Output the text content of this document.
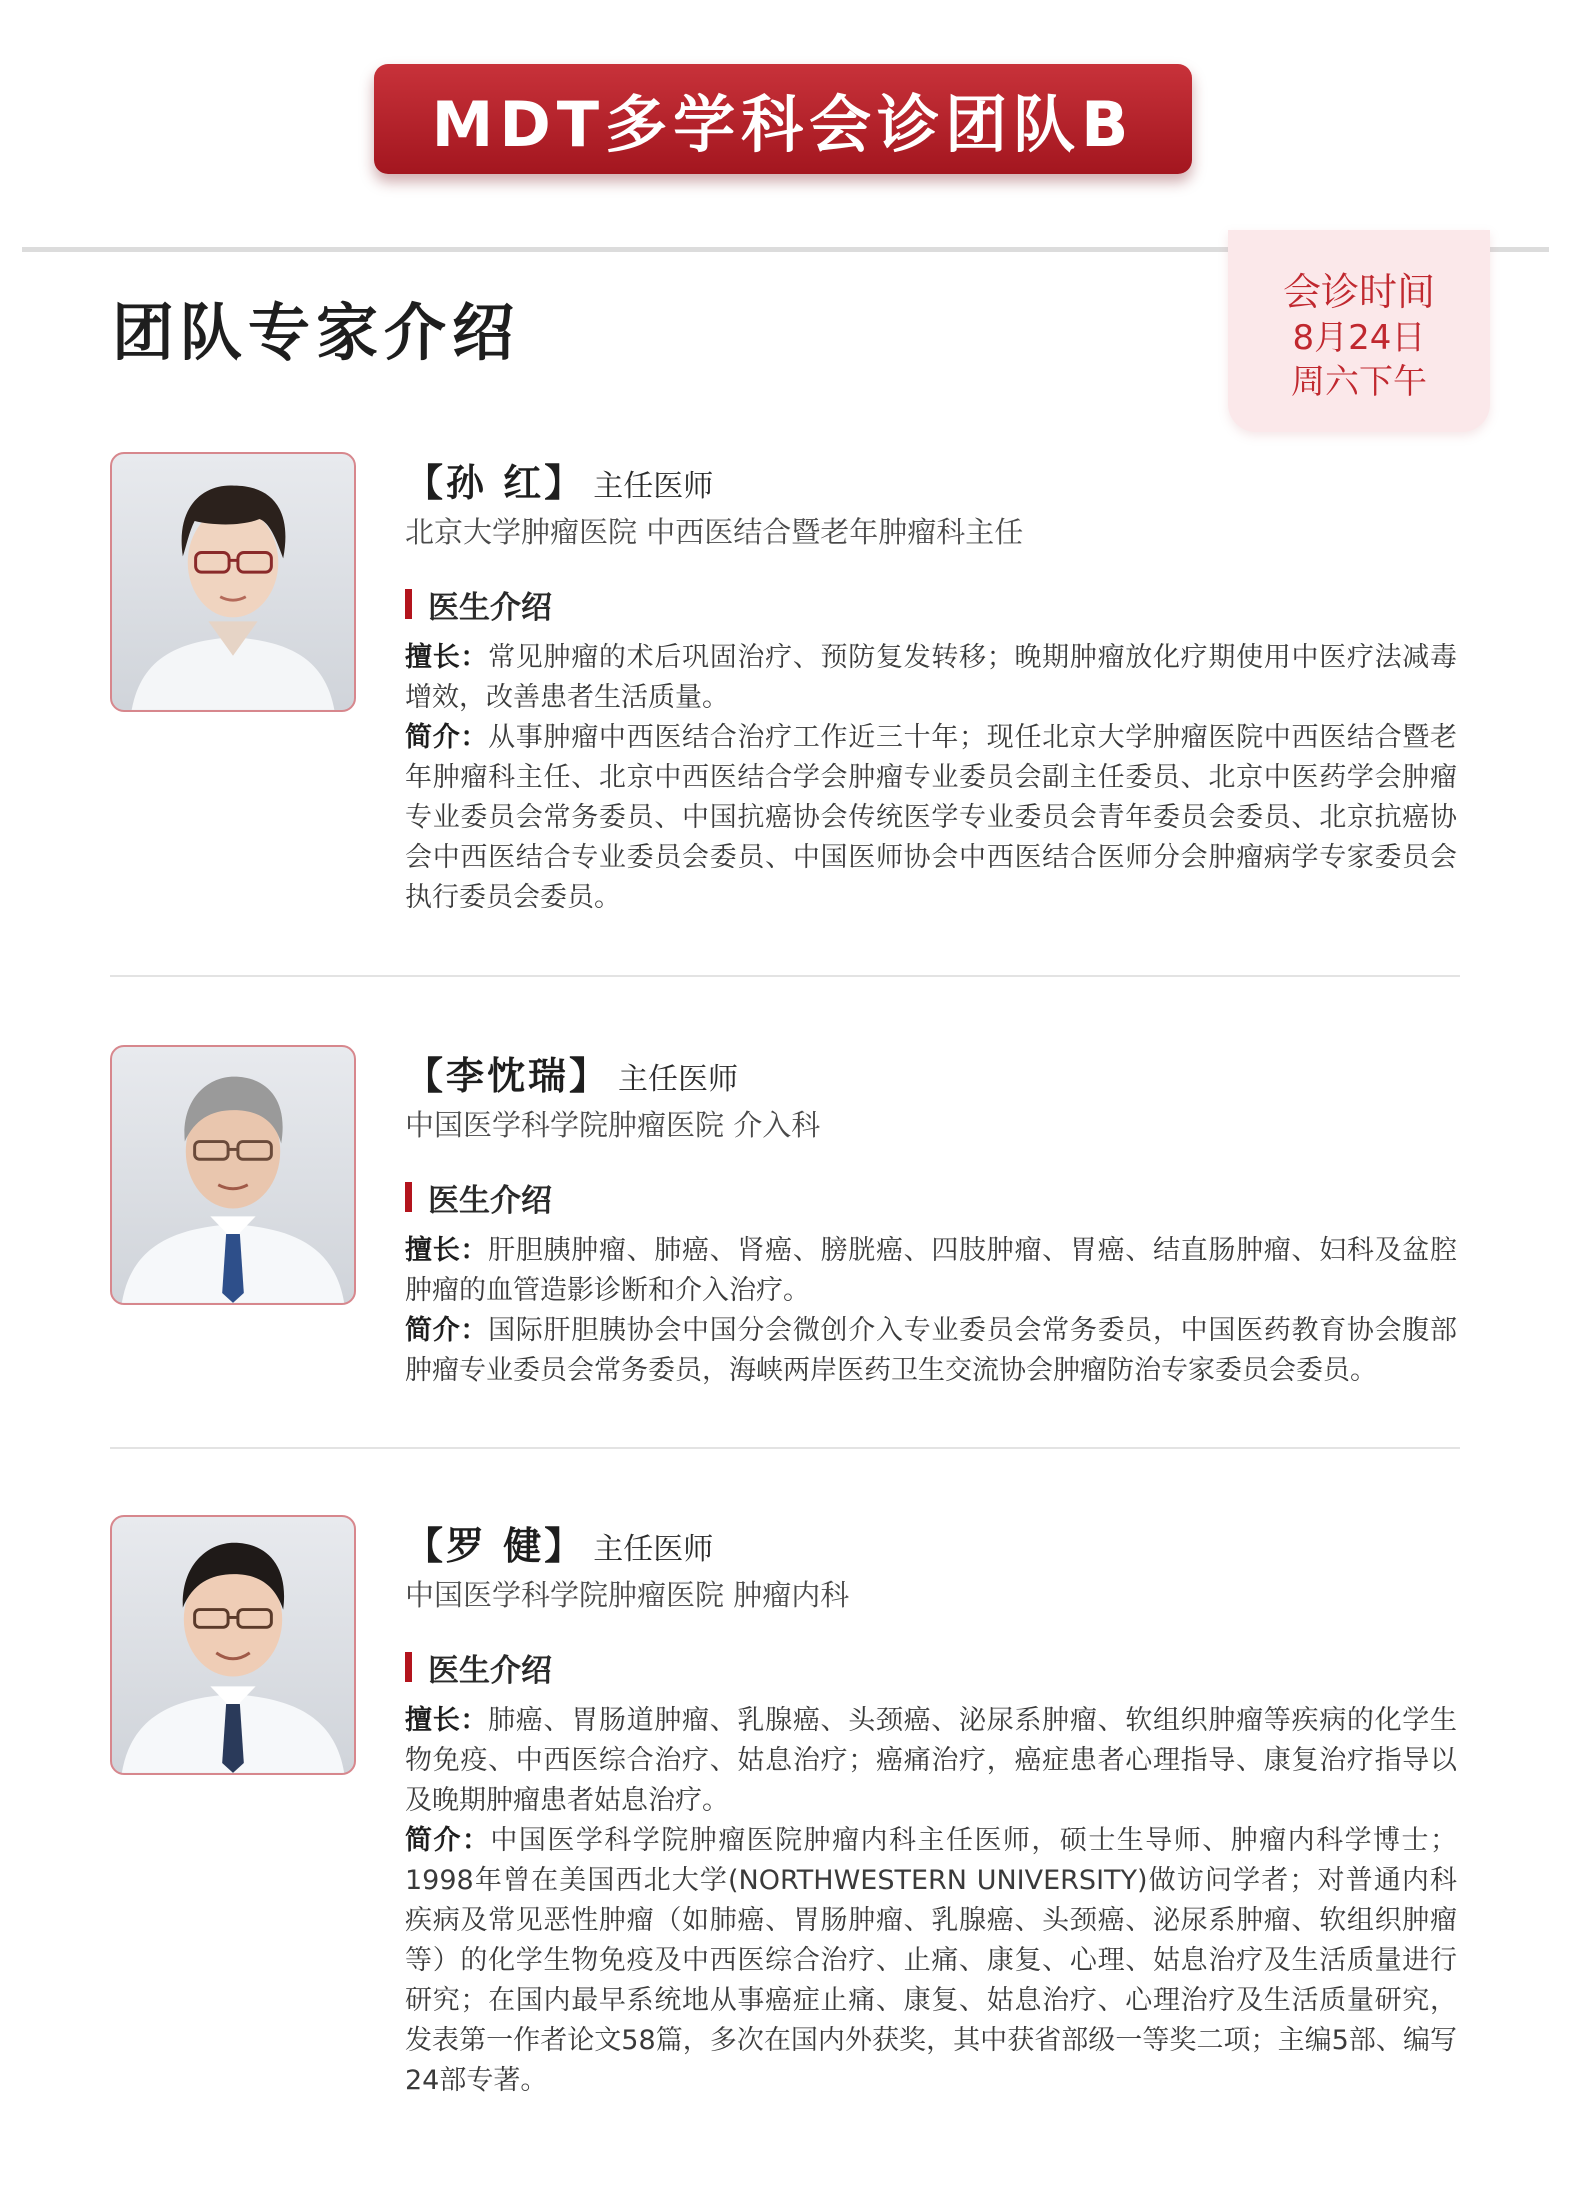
MDT多学科会诊团队B
团队专家介绍
会诊时间
8月24日
周六下午
【孙 红】 主任医师
北京大学肿瘤医院 中西医结合暨老年肿瘤科主任
医生介绍

擅长：常见肿瘤的术后巩固治疗、预防复发转移；晚期肿瘤放化疗期使用中医疗法减毒增效，改善患者生活质量。

简介：从事肿瘤中西医结合治疗工作近三十年；现任北京大学肿瘤医院中西医结合暨老年肿瘤科主任、北京中西医结合学会肿瘤专业委员会副主任委员、北京中医药学会肿瘤专业委员会常务委员、中国抗癌协会传统医学专业委员会青年委员会委员、北京抗癌协会中西医结合专业委员会委员、中国医师协会中西医结合医师分会肿瘤病学专家委员会执行委员会委员。

【李忱瑞】 主任医师
中国医学科学院肿瘤医院 介入科
医生介绍

擅长：肝胆胰肿瘤、肺癌、肾癌、膀胱癌、四肢肿瘤、胃癌、结直肠肿瘤、妇科及盆腔肿瘤的血管造影诊断和介入治疗。

简介：国际肝胆胰协会中国分会微创介入专业委员会常务委员，中国医药教育协会腹部肿瘤专业委员会常务委员，海峡两岸医药卫生交流协会肿瘤防治专家委员会委员。

【罗 健】 主任医师
中国医学科学院肿瘤医院 肿瘤内科
医生介绍

擅长：肺癌、胃肠道肿瘤、乳腺癌、头颈癌、泌尿系肿瘤、软组织肿瘤等疾病的化学生物免疫、中西医综合治疗、姑息治疗；癌痛治疗，癌症患者心理指导、康复治疗指导以及晚期肿瘤患者姑息治疗。

简介：中国医学科学院肿瘤医院肿瘤内科主任医师，硕士生导师、肿瘤内科学博士；1998年曾在美国西北大学(NORTHWESTERN UNIVERSITY)做访问学者；对普通内科疾病及常见恶性肿瘤（如肺癌、胃肠肿瘤、乳腺癌、头颈癌、泌尿系肿瘤、软组织肿瘤等）的化学生物免疫及中西医综合治疗、止痛、康复、心理、姑息治疗及生活质量进行研究；在国内最早系统地从事癌症止痛、康复、姑息治疗、心理治疗及生活质量研究，发表第一作者论文58篇，多次在国内外获奖，其中获省部级一等奖二项；主编5部、编写24部专著。
